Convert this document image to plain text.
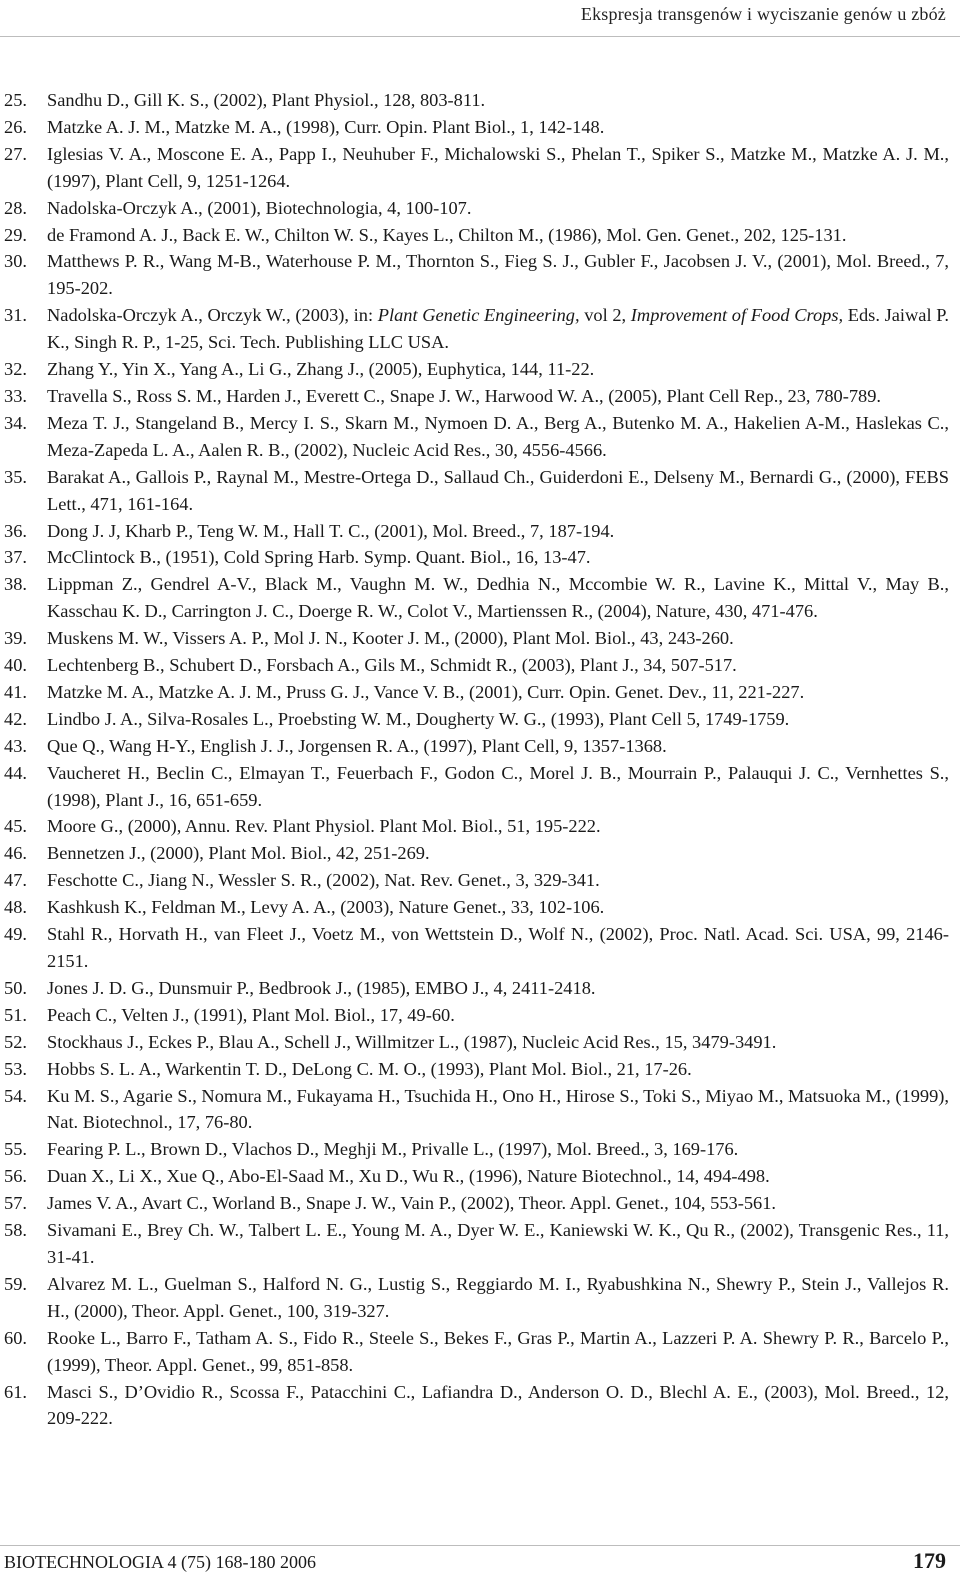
Ekspresja transgenów i wyciszanie genów u zbóż
25. Sandhu D., Gill K. S., (2002), Plant Physiol., 128, 803-811.
26. Matzke A. J. M., Matzke M. A., (1998), Curr. Opin. Plant Biol., 1, 142-148.
27. Iglesias V. A., Moscone E. A., Papp I., Neuhuber F., Michalowski S., Phelan T., Spiker S., Matzke M., Matzke A. J. M., (1997), Plant Cell, 9, 1251-1264.
28. Nadolska-Orczyk A., (2001), Biotechnologia, 4, 100-107.
29. de Framond A. J., Back E. W., Chilton W. S., Kayes L., Chilton M., (1986), Mol. Gen. Genet., 202, 125-131.
30. Matthews P. R., Wang M-B., Waterhouse P. M., Thornton S., Fieg S. J., Gubler F., Jacobsen J. V., (2001), Mol. Breed., 7, 195-202.
31. Nadolska-Orczyk A., Orczyk W., (2003), in: Plant Genetic Engineering, vol 2, Improvement of Food Crops, Eds. Jaiwal P. K., Singh R. P., 1-25, Sci. Tech. Publishing LLC USA.
32. Zhang Y., Yin X., Yang A., Li G., Zhang J., (2005), Euphytica, 144, 11-22.
33. Travella S., Ross S. M., Harden J., Everett C., Snape J. W., Harwood W. A., (2005), Plant Cell Rep., 23, 780-789.
34. Meza T. J., Stangeland B., Mercy I. S., Skarn M., Nymoen D. A., Berg A., Butenko M. A., Hakelien A-M., Haslekas C., Meza-Zapeda L. A., Aalen R. B., (2002), Nucleic Acid Res., 30, 4556-4566.
35. Barakat A., Gallois P., Raynal M., Mestre-Ortega D., Sallaud Ch., Guiderdoni E., Delseny M., Bernardi G., (2000), FEBS Lett., 471, 161-164.
36. Dong J. J, Kharb P., Teng W. M., Hall T. C., (2001), Mol. Breed., 7, 187-194.
37. McClintock B., (1951), Cold Spring Harb. Symp. Quant. Biol., 16, 13-47.
38. Lippman Z., Gendrel A-V., Black M., Vaughn M. W., Dedhia N., Mccombie W. R., Lavine K., Mittal V., May B., Kasschau K. D., Carrington J. C., Doerge R. W., Colot V., Martienssen R., (2004), Nature, 430, 471-476.
39. Muskens M. W., Vissers A. P., Mol J. N., Kooter J. M., (2000), Plant Mol. Biol., 43, 243-260.
40. Lechtenberg B., Schubert D., Forsbach A., Gils M., Schmidt R., (2003), Plant J., 34, 507-517.
41. Matzke M. A., Matzke A. J. M., Pruss G. J., Vance V. B., (2001), Curr. Opin. Genet. Dev., 11, 221-227.
42. Lindbo J. A., Silva-Rosales L., Proebsting W. M., Dougherty W. G., (1993), Plant Cell 5, 1749-1759.
43. Que Q., Wang H-Y., English J. J., Jorgensen R. A., (1997), Plant Cell, 9, 1357-1368.
44. Vaucheret H., Beclin C., Elmayan T., Feuerbach F., Godon C., Morel J. B., Mourrain P., Palauqui J. C., Vernhettes S., (1998), Plant J., 16, 651-659.
45. Moore G., (2000), Annu. Rev. Plant Physiol. Plant Mol. Biol., 51, 195-222.
46. Bennetzen J., (2000), Plant Mol. Biol., 42, 251-269.
47. Feschotte C., Jiang N., Wessler S. R., (2002), Nat. Rev. Genet., 3, 329-341.
48. Kashkush K., Feldman M., Levy A. A., (2003), Nature Genet., 33, 102-106.
49. Stahl R., Horvath H., van Fleet J., Voetz M., von Wettstein D., Wolf N., (2002), Proc. Natl. Acad. Sci. USA, 99, 2146-2151.
50. Jones J. D. G., Dunsmuir P., Bedbrook J., (1985), EMBO J., 4, 2411-2418.
51. Peach C., Velten J., (1991), Plant Mol. Biol., 17, 49-60.
52. Stockhaus J., Eckes P., Blau A., Schell J., Willmitzer L., (1987), Nucleic Acid Res., 15, 3479-3491.
53. Hobbs S. L. A., Warkentin T. D., DeLong C. M. O., (1993), Plant Mol. Biol., 21, 17-26.
54. Ku M. S., Agarie S., Nomura M., Fukayama H., Tsuchida H., Ono H., Hirose S., Toki S., Miyao M., Matsuoka M., (1999), Nat. Biotechnol., 17, 76-80.
55. Fearing P. L., Brown D., Vlachos D., Meghji M., Privalle L., (1997), Mol. Breed., 3, 169-176.
56. Duan X., Li X., Xue Q., Abo-El-Saad M., Xu D., Wu R., (1996), Nature Biotechnol., 14, 494-498.
57. James V. A., Avart C., Worland B., Snape J. W., Vain P., (2002), Theor. Appl. Genet., 104, 553-561.
58. Sivamani E., Brey Ch. W., Talbert L. E., Young M. A., Dyer W. E., Kaniewski W. K., Qu R., (2002), Transgenic Res., 11, 31-41.
59. Alvarez M. L., Guelman S., Halford N. G., Lustig S., Reggiardo M. I., Ryabushkina N., Shewry P., Stein J., Vallejos R. H., (2000), Theor. Appl. Genet., 100, 319-327.
60. Rooke L., Barro F., Tatham A. S., Fido R., Steele S., Bekes F., Gras P., Martin A., Lazzeri P. A. Shewry P. R., Barcelo P., (1999), Theor. Appl. Genet., 99, 851-858.
61. Masci S., D’Ovidio R., Scossa F., Patacchini C., Lafiandra D., Anderson O. D., Blechl A. E., (2003), Mol. Breed., 12, 209-222.
BIOTECHNOLOGIA 4 (75) 168-180 2006	179
